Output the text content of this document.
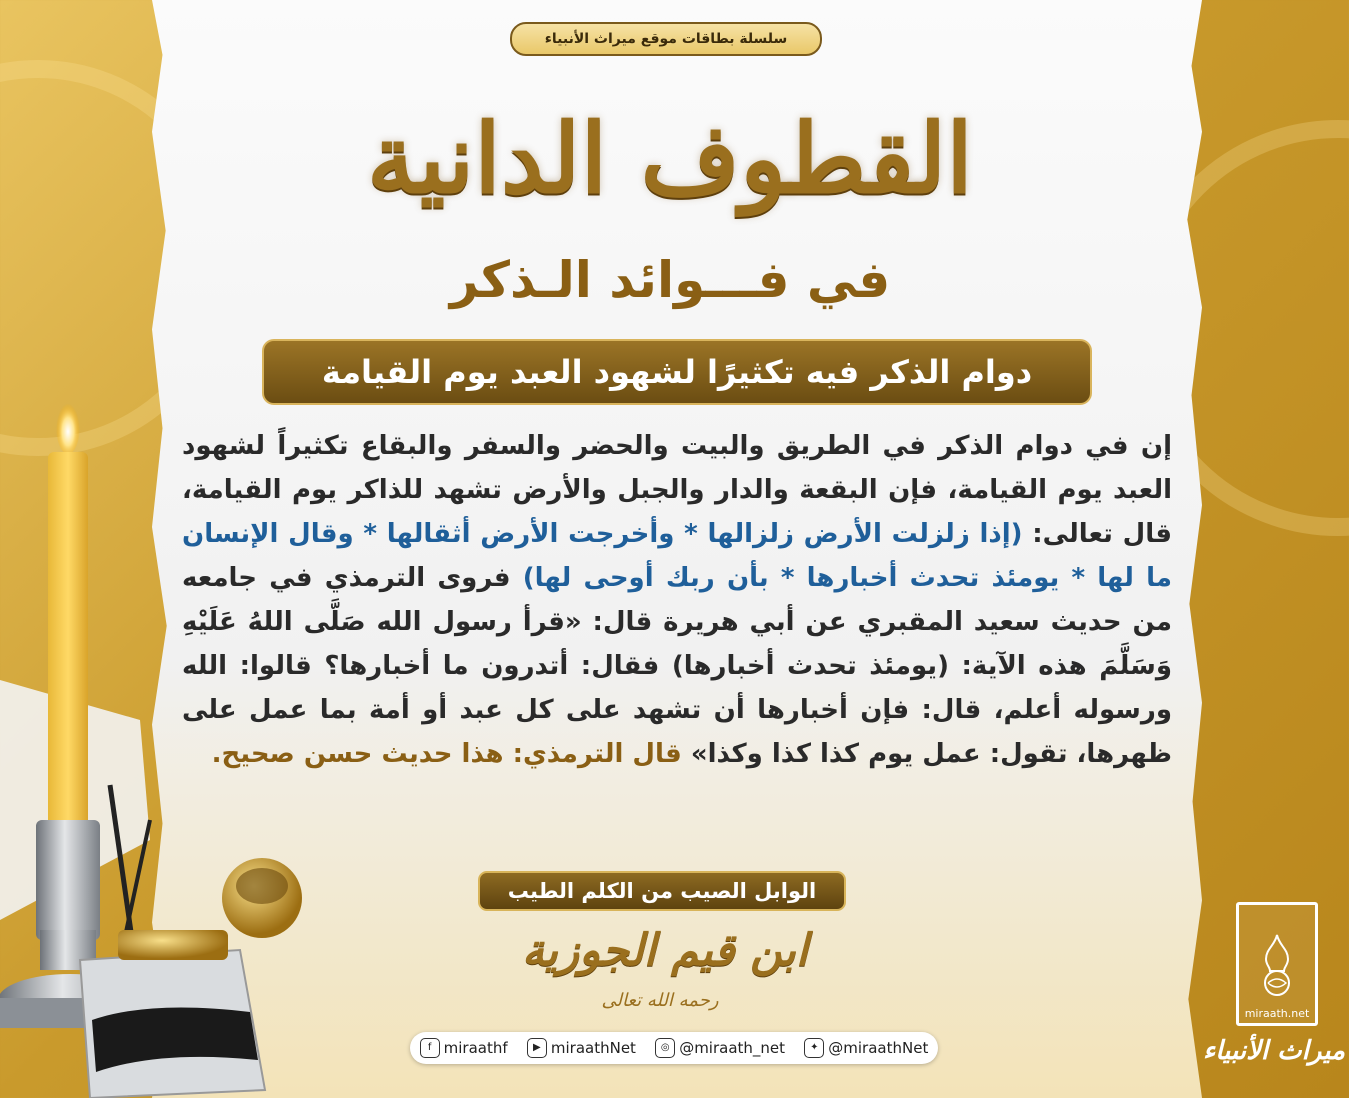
سلسلة بطاقات موقع ميراث الأنبياء
القطوف الدانية
في فـــوائد الـذكر
دوام الذكر فيه تكثيرًا لشهود العبد يوم القيامة
إن في دوام الذكر في الطريق والبيت والحضر والسفر والبقاع تكثيراً لشهود العبد يوم القيامة، فإن البقعة والدار والجبل والأرض تشهد للذاكر يوم القيامة، قال تعالى: (إذا زلزلت الأرض زلزالها * وأخرجت الأرض أثقالها * وقال الإنسان ما لها * يومئذ تحدث أخبارها * بأن ربك أوحى لها) فروى الترمذي في جامعه من حديث سعيد المقبري عن أبي هريرة قال: «قرأ رسول الله صَلَّى اللهُ عَلَيْهِ وَسَلَّمَ هذه الآية: (يومئذ تحدث أخبارها) فقال: أتدرون ما أخبارها؟ قالوا: الله ورسوله أعلم، قال: فإن أخبارها أن تشهد على كل عبد أو أمة بما عمل على ظهرها، تقول: عمل يوم كذا كذا وكذا» قال الترمذي: هذا حديث حسن صحيح.
الوابل الصيب من الكلم الطيب
ابن قيم الجوزية
رحمه الله تعالى
f miraathf	▶ miraathNet	◎ @miraath_net	✦ @miraathNet
miraath.net
ميراث الأنبياء
